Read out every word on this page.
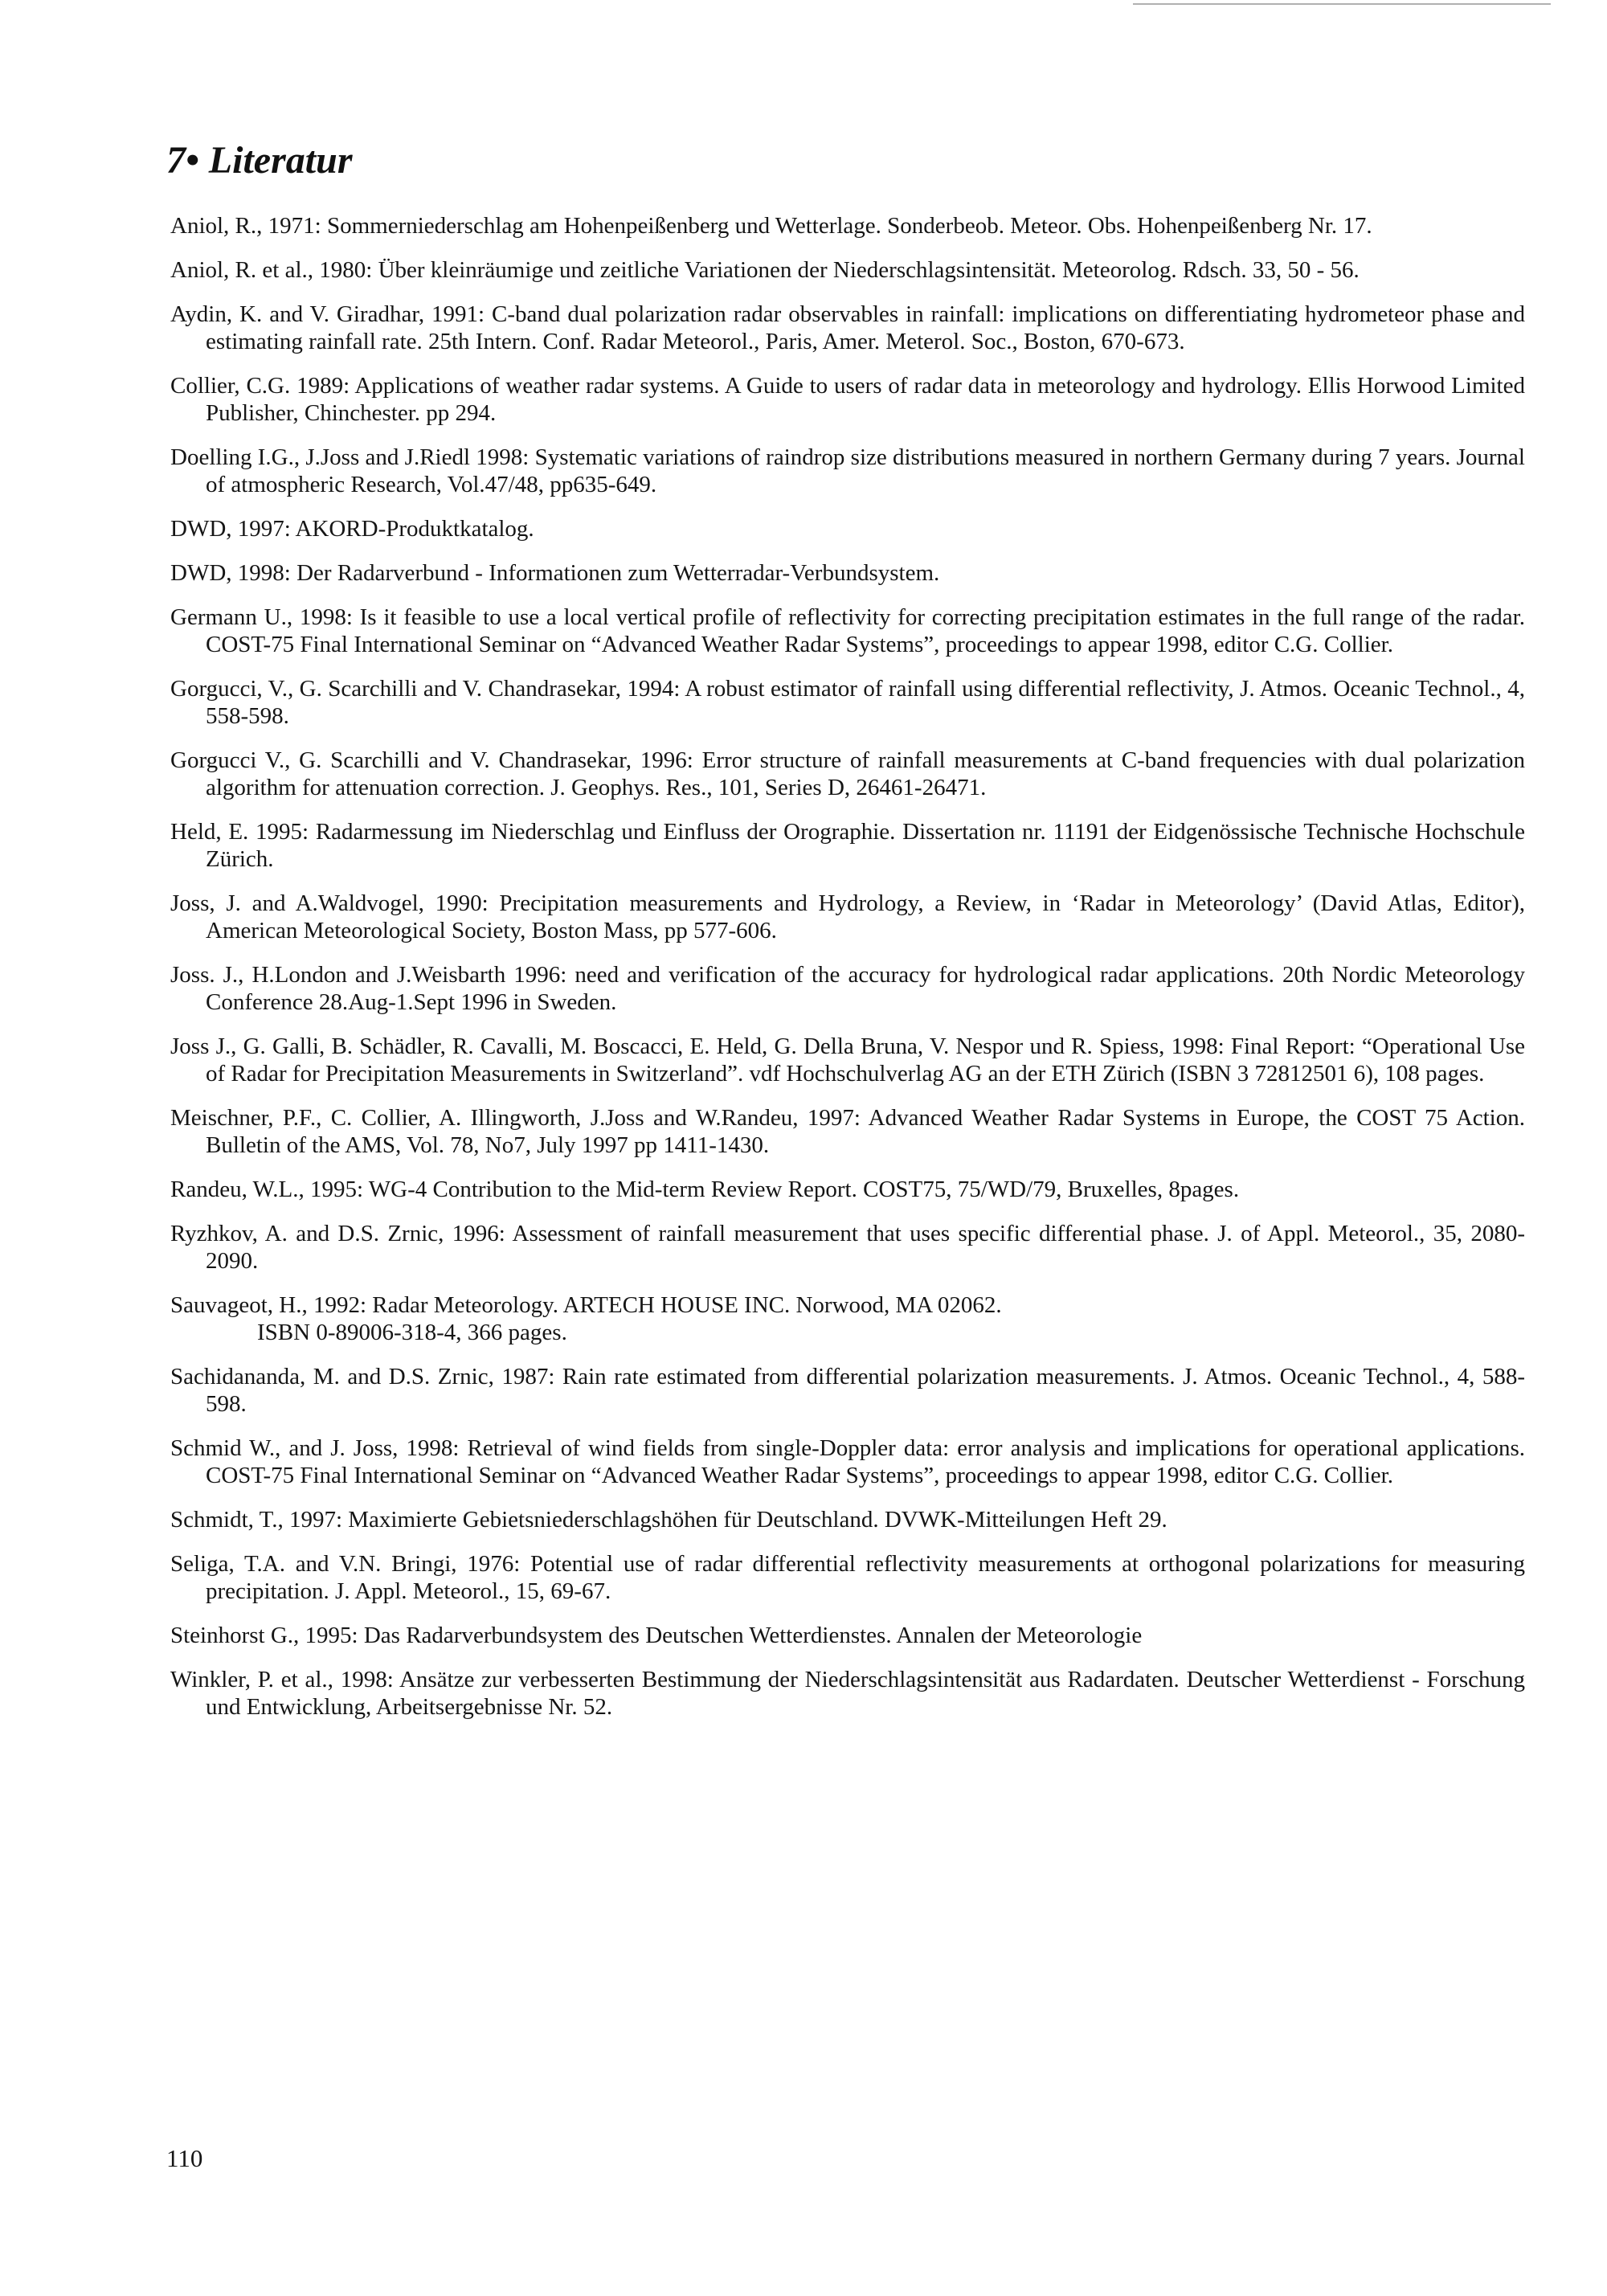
7• Literatur
Aniol, R., 1971: Sommerniederschlag am Hohenpeißenberg und Wetterlage. Sonderbeob. Meteor. Obs. Hohenpeißenberg Nr. 17.
Aniol, R. et al., 1980: Über kleinräumige und zeitliche Variationen der Niederschlagsintensität. Meteorolog. Rdsch. 33, 50 - 56.
Aydin, K. and V. Giradhar, 1991: C-band dual polarization radar observables in rainfall: implications on differentiating hydrometeor phase and estimating rainfall rate. 25th Intern. Conf. Radar Meteorol., Paris, Amer. Meterol. Soc., Boston, 670-673.
Collier, C.G. 1989: Applications of weather radar systems. A Guide to users of radar data in meteorology and hydrology. Ellis Horwood Limited Publisher, Chinchester. pp 294.
Doelling I.G., J.Joss and J.Riedl 1998: Systematic variations of raindrop size distributions measured in northern Germany during 7 years. Journal of atmospheric Research, Vol.47/48, pp635-649.
DWD, 1997: AKORD-Produktkatalog.
DWD, 1998: Der Radarverbund - Informationen zum Wetterradar-Verbundsystem.
Germann U., 1998: Is it feasible to use a local vertical profile of reflectivity for correcting precipitation estimates in the full range of the radar. COST-75 Final International Seminar on “Advanced Weather Radar Systems”, proceedings to appear 1998, editor C.G. Collier.
Gorgucci, V., G. Scarchilli and V. Chandrasekar, 1994: A robust estimator of rainfall using differential reflectivity, J. Atmos. Oceanic Technol., 4, 558-598.
Gorgucci V., G. Scarchilli and V. Chandrasekar, 1996: Error structure of rainfall measurements at C-band frequencies with dual polarization algorithm for attenuation correction. J. Geophys. Res., 101, Series D, 26461-26471.
Held, E. 1995: Radarmessung im Niederschlag und Einfluss der Orographie. Dissertation nr. 11191 der Eidgenössische Technische Hochschule Zürich.
Joss, J. and A.Waldvogel, 1990: Precipitation measurements and Hydrology, a Review, in ‘Radar in Meteorology’ (David Atlas, Editor), American Meteorological Society, Boston Mass, pp 577-606.
Joss. J., H.London and J.Weisbarth 1996: need and verification of the accuracy for hydrological radar applications. 20th Nordic Meteorology Conference 28.Aug-1.Sept 1996 in Sweden.
Joss J., G. Galli, B. Schädler, R. Cavalli, M. Boscacci, E. Held, G. Della Bruna, V. Nespor und R. Spiess, 1998: Final Report: “Operational Use of Radar for Precipitation Measurements in Switzerland”. vdf Hochschulverlag AG an der ETH Zürich (ISBN 3 72812501 6), 108 pages.
Meischner, P.F., C. Collier, A. Illingworth, J.Joss and W.Randeu, 1997: Advanced Weather Radar Systems in Europe, the COST 75 Action. Bulletin of the AMS, Vol. 78, No7, July 1997 pp 1411-1430.
Randeu, W.L., 1995: WG-4 Contribution to the Mid-term Review Report. COST75, 75/WD/79, Bruxelles, 8pages.
Ryzhkov, A. and D.S. Zrnic, 1996: Assessment of rainfall measurement that uses specific differential phase. J. of Appl. Meteorol., 35, 2080-2090.
Sauvageot, H., 1992: Radar Meteorology. ARTECH HOUSE INC. Norwood, MA 02062.
ISBN 0-89006-318-4, 366 pages.
Sachidananda, M. and D.S. Zrnic, 1987: Rain rate estimated from differential polarization measurements. J. Atmos. Oceanic Technol., 4, 588-598.
Schmid W., and J. Joss, 1998: Retrieval of wind fields from single-Doppler data: error analysis and implications for operational applications. COST-75 Final International Seminar on “Advanced Weather Radar Systems”, proceedings to appear 1998, editor C.G. Collier.
Schmidt, T., 1997: Maximierte Gebietsniederschlagshöhen für Deutschland. DVWK-Mitteilungen Heft 29.
Seliga, T.A. and V.N. Bringi, 1976: Potential use of radar differential reflectivity measurements at orthogonal polarizations for measuring precipitation. J. Appl. Meteorol., 15, 69-67.
Steinhorst G., 1995: Das Radarverbundsystem des Deutschen Wetterdienstes. Annalen der Meteorologie
Winkler, P. et al., 1998: Ansätze zur verbesserten Bestimmung der Niederschlagsintensität aus Radardaten. Deutscher Wetterdienst - Forschung und Entwicklung, Arbeitsergebnisse Nr. 52.
110
